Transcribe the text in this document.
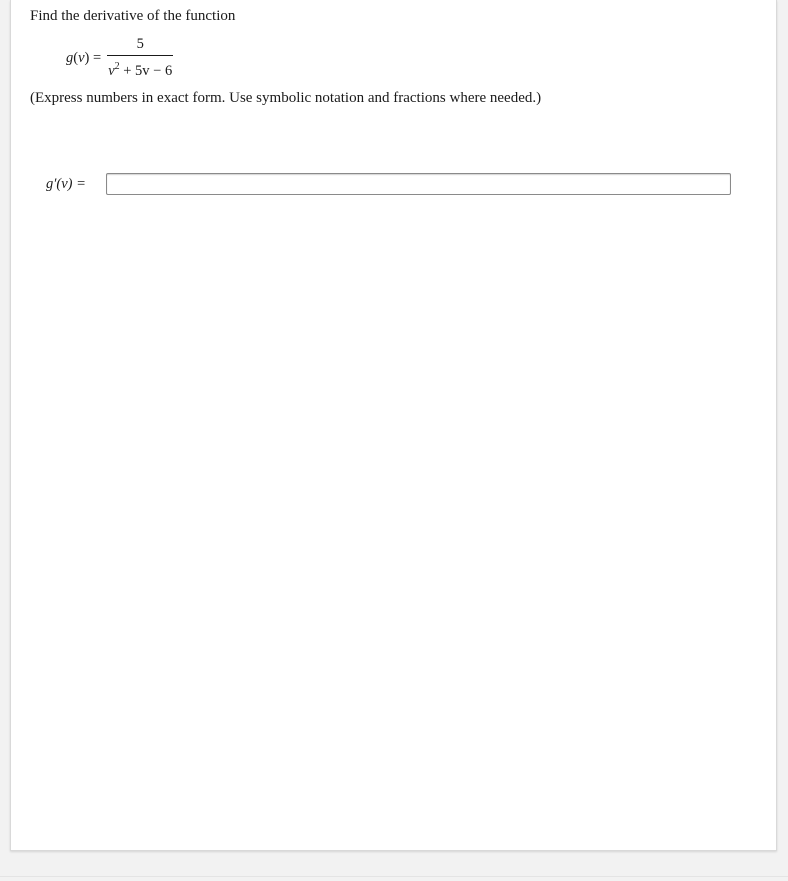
Find the derivative of the function

$g(v) = \frac{5}{v^2 + 5v - 6}$

(Express numbers in exact form. Use symbolic notation and fractions where needed.)

g′(v) =
